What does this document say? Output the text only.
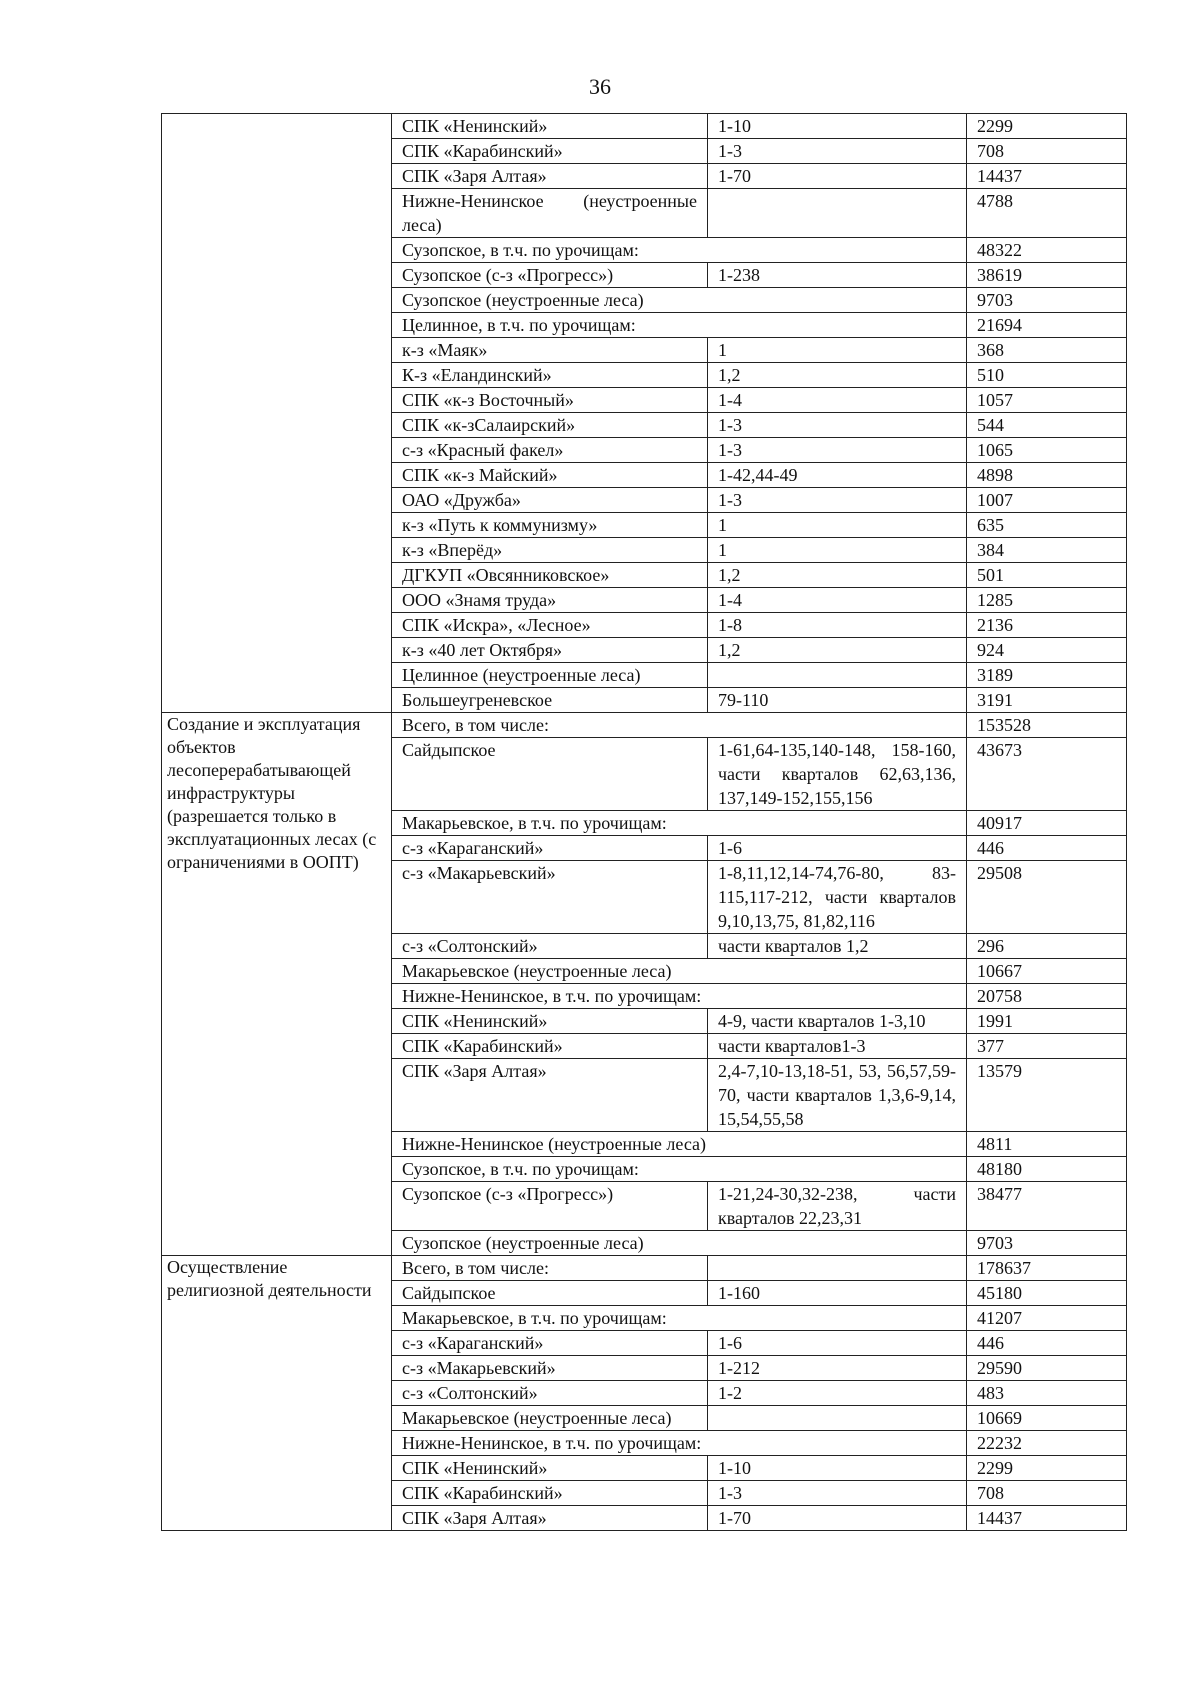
36
	СПК «Ненинский»	1-10	2299
	СПК «Карабинский»	1-3	708
	СПК «Заря Алтая»	1-70	14437
	Нижне-Ненинское (неустроенные леса)		4788
	Сузопское, в т.ч. по урочищам:		48322
	Сузопское (с-з «Прогресс»)	1-238	38619
	Сузопское (неустроенные леса)		9703
	Целинное, в т.ч. по урочищам:		21694
	к-з «Маяк»	1	368
	К-з «Еландинский»	1,2	510
	СПК «к-з Восточный»	1-4	1057
	СПК «к-зСалаирский»	1-3	544
	с-з «Красный факел»	1-3	1065
	СПК «к-з Майский»	1-42,44-49	4898
	ОАО «Дружба»	1-3	1007
	к-з «Путь к коммунизму»	1	635
	к-з «Вперёд»	1	384
	ДГКУП «Овсянниковское»	1,2	501
	ООО «Знамя труда»	1-4	1285
	СПК «Искра», «Лесное»	1-8	2136
	к-з «40 лет Октября»	1,2	924
	Целинное (неустроенные леса)		3189
	Большеугреневское	79-110	3191
Создание и эксплуатация объектов лесоперерабатывающей инфраструктуры (разрешается только в эксплуатационных лесах (с ограничениями в ООПТ)	Всего, в том числе:		153528
	Сайдыпское	1-61,64-135,140-148, 158-160, части кварталов 62,63,136, 137,149-152,155,156	43673
	Макарьевское, в т.ч. по урочищам:		40917
	с-з «Караганский»	1-6	446
	с-з «Макарьевский»	1-8,11,12,14-74,76-80, 83-115,117-212, части кварталов 9,10,13,75, 81,82,116	29508
	с-з «Солтонский»	части кварталов 1,2	296
	Макарьевское (неустроенные леса)		10667
	Нижне-Ненинское, в т.ч. по урочищам:		20758
	СПК «Ненинский»	4-9, части кварталов 1-3,10	1991
	СПК «Карабинский»	части кварталов1-3	377
	СПК «Заря Алтая»	2,4-7,10-13,18-51, 53, 56,57,59-70, части кварталов 1,3,6-9,14, 15,54,55,58	13579
	Нижне-Ненинское (неустроенные леса)		4811
	Сузопское, в т.ч. по урочищам:		48180
	Сузопское (с-з «Прогресс»)	1-21,24-30,32-238, части кварталов 22,23,31	38477
	Сузопское (неустроенные леса)		9703
Осуществление религиозной деятельности	Всего, в том числе:		178637
	Сайдыпское	1-160	45180
	Макарьевское, в т.ч. по урочищам:		41207
	с-з «Караганский»	1-6	446
	с-з «Макарьевский»	1-212	29590
	с-з «Солтонский»	1-2	483
	Макарьевское (неустроенные леса)		10669
	Нижне-Ненинское, в т.ч. по урочищам:		22232
	СПК «Ненинский»	1-10	2299
	СПК «Карабинский»	1-3	708
	СПК «Заря Алтая»	1-70	14437
